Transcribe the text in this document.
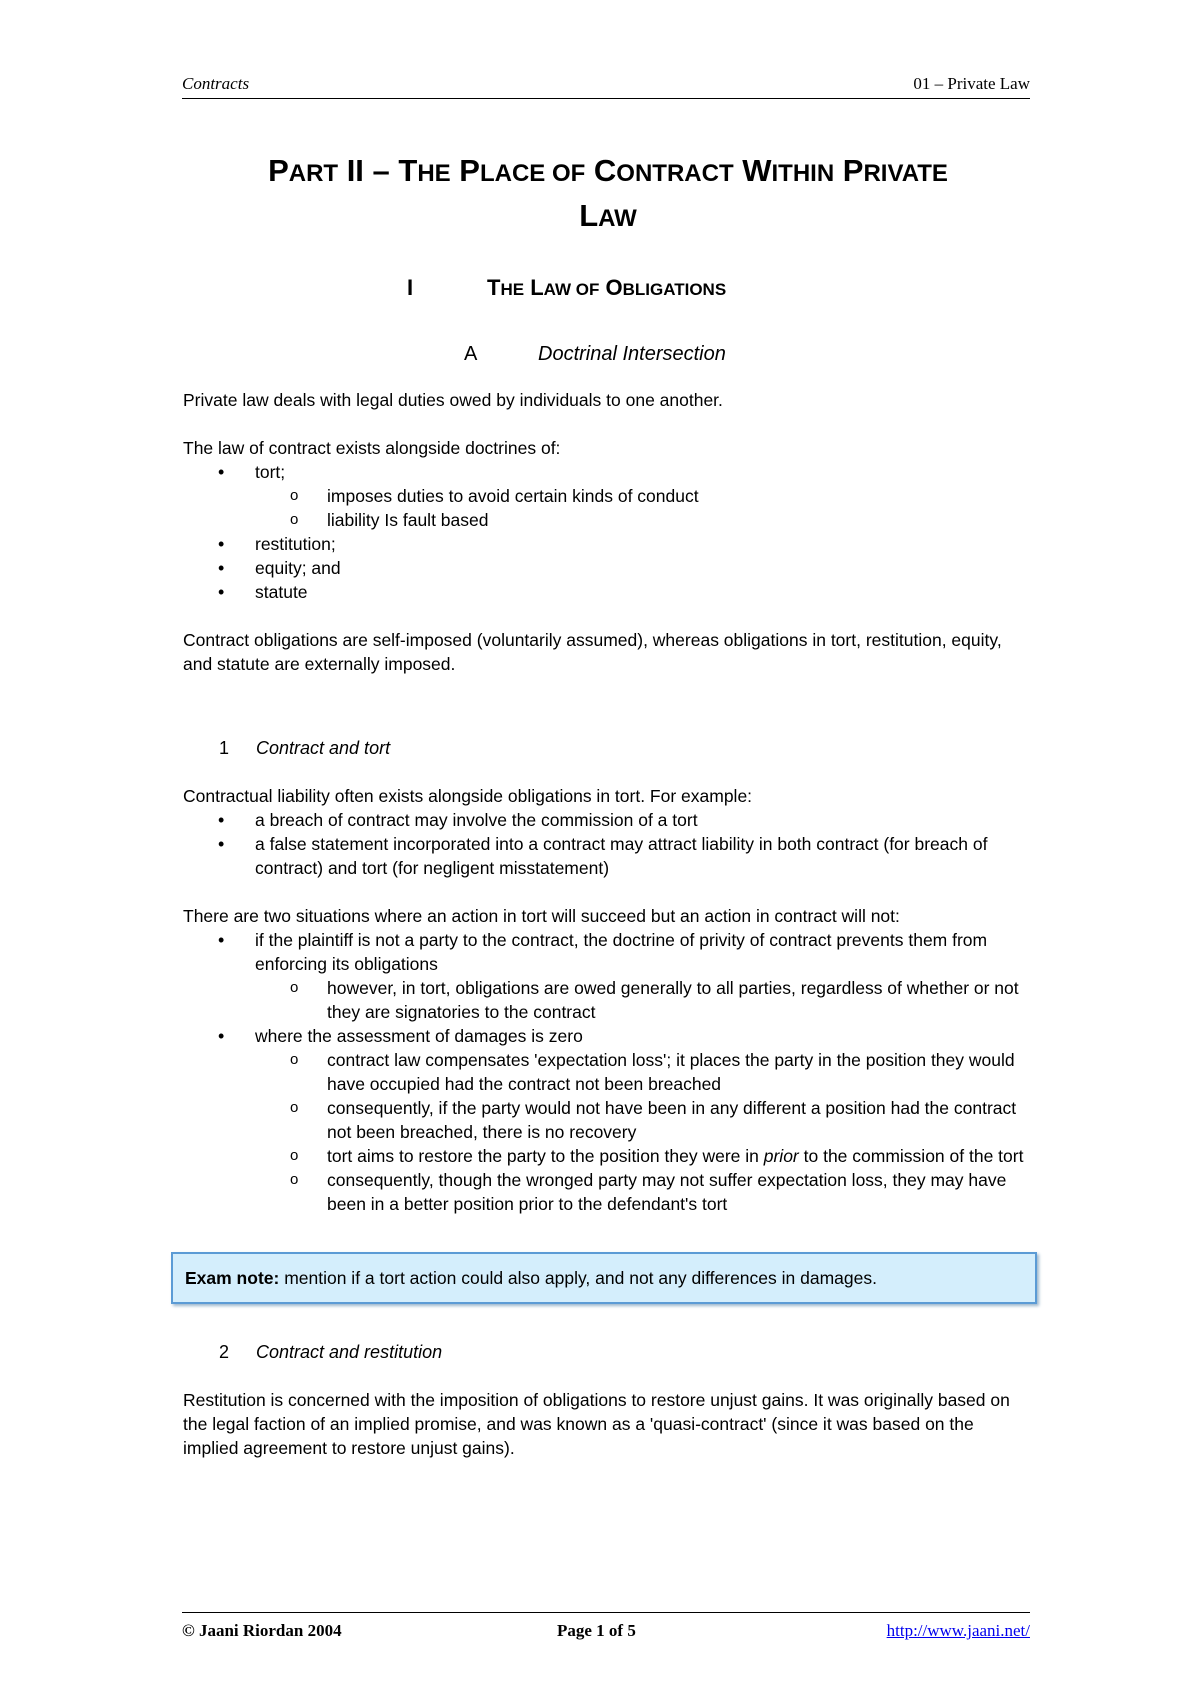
Contracts	01 – Private Law
PART II – THE PLACE OF CONTRACT WITHIN PRIVATE
LAW
I	THE LAW OF OBLIGATIONS
A	Doctrinal Intersection

Private law deals with legal duties owed by individuals to one another.

The law of contract exists alongside doctrines of:

• tort;
o imposes duties to avoid certain kinds of conduct
o liability Is fault based
• restitution;
• equity; and
• statute

Contract obligations are self-imposed (voluntarily assumed), whereas obligations in tort, restitution, equity, and statute are externally imposed.

1 Contract and tort

Contractual liability often exists alongside obligations in tort. For example:

• a breach of contract may involve the commission of a tort
• a false statement incorporated into a contract may attract liability in both contract (for breach of contract) and tort (for negligent misstatement)

There are two situations where an action in tort will succeed but an action in contract will not:

• if the plaintiff is not a party to the contract, the doctrine of privity of contract prevents them from enforcing its obligations
o however, in tort, obligations are owed generally to all parties, regardless of whether or not they are signatories to the contract
• where the assessment of damages is zero
o contract law compensates 'expectation loss'; it places the party in the position they would have occupied had the contract not been breached
o consequently, if the party would not have been in any different a position had the contract not been breached, there is no recovery
o tort aims to restore the party to the position they were in prior to the commission of the tort
o consequently, though the wronged party may not suffer expectation loss, they may have been in a better position prior to the defendant's tort
Exam note: mention if a tort action could also apply, and not any differences in damages.
2 Contract and restitution

Restitution is concerned with the imposition of obligations to restore unjust gains. It was originally based on the legal faction of an implied promise, and was known as a 'quasi-contract' (since it was based on the implied agreement to restore unjust gains).

© Jaani Riordan 2004	Page 1 of 5	http://www.jaani.net/
